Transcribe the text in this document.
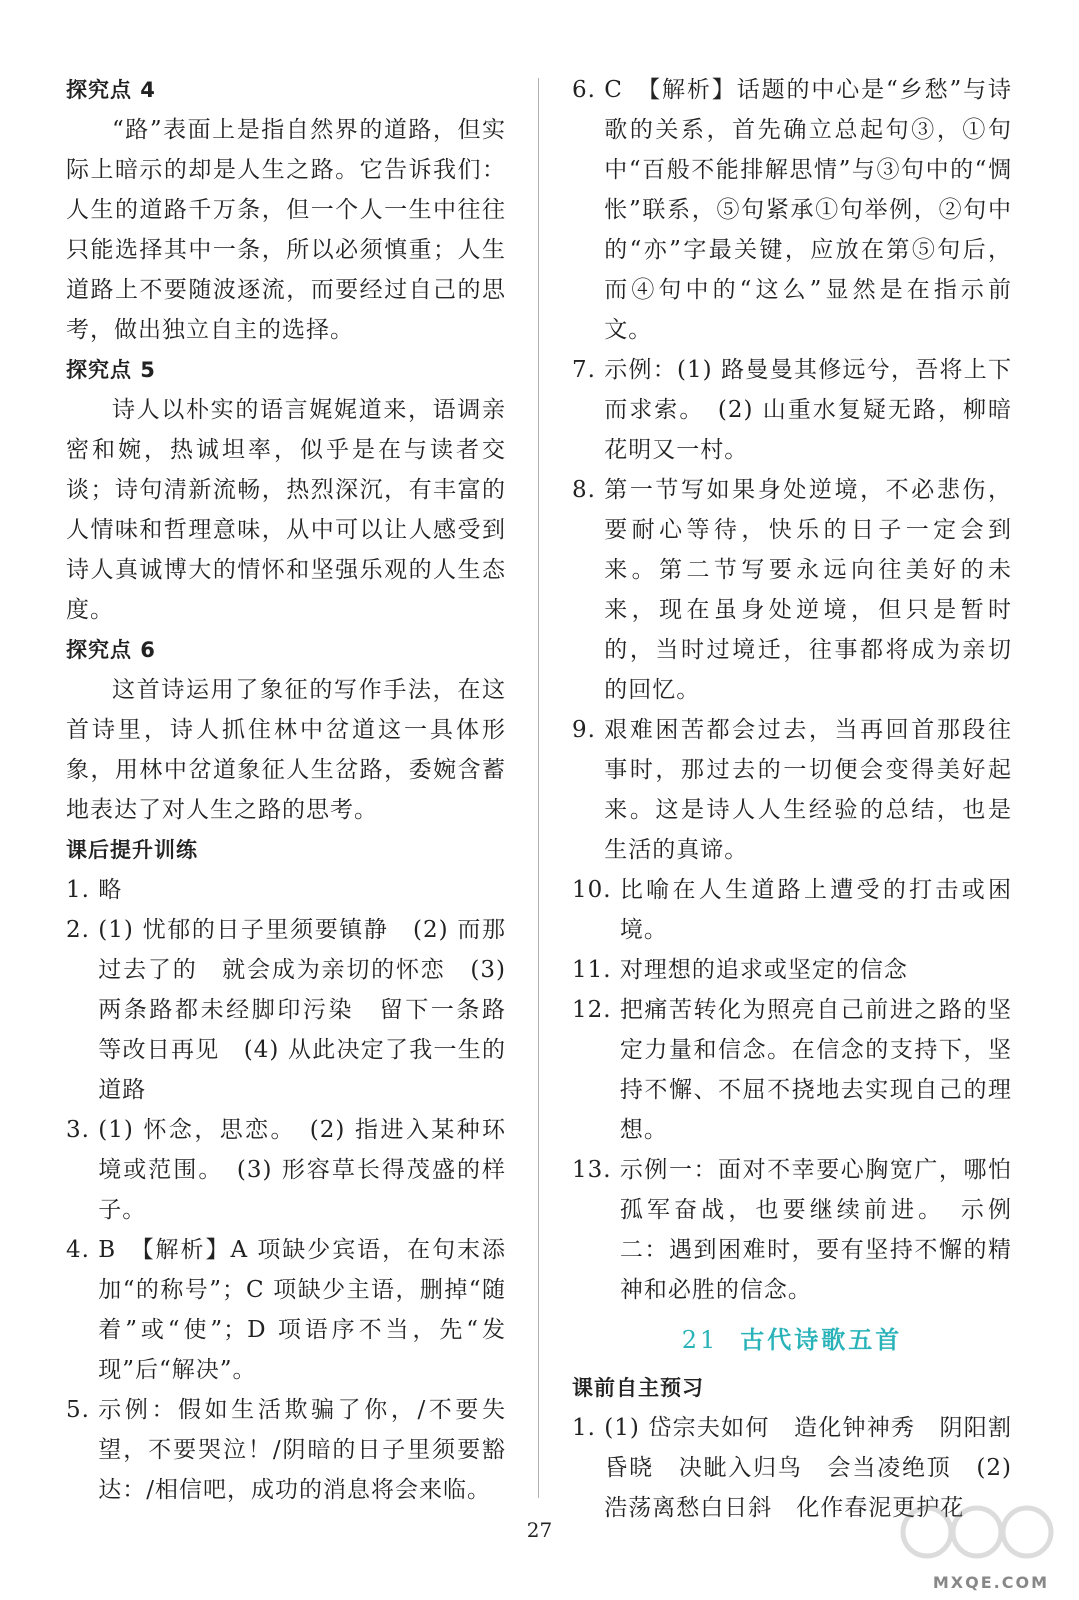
探究点 4
“路”表面上是指自然界的道路，但实际上暗示的却是人生之路。它告诉我们：人生的道路千万条，但一个人一生中往往只能选择其中一条，所以必须慎重；人生道路上不要随波逐流，而要经过自己的思考，做出独立自主的选择。
探究点 5
诗人以朴实的语言娓娓道来，语调亲密和婉，热诚坦率，似乎是在与读者交谈；诗句清新流畅，热烈深沉，有丰富的人情味和哲理意味，从中可以让人感受到诗人真诚博大的情怀和坚强乐观的人生态度。
探究点 6
这首诗运用了象征的写作手法，在这首诗里，诗人抓住林中岔道这一具体形象，用林中岔道象征人生岔路，委婉含蓄地表达了对人生之路的思考。
课后提升训练
1. 略
2. (1) 忧郁的日子里须要镇静　(2) 而那过去了的　就会成为亲切的怀恋　(3) 两条路都未经脚印污染　留下一条路等改日再见　(4) 从此决定了我一生的道路
3. (1) 怀念，思恋。　(2) 指进入某种环境或范围。　(3) 形容草长得茂盛的样子。
4. B　【解析】A 项缺少宾语，在句末添加“的称号”；C 项缺少主语，删掉“随着”或“使”；D 项语序不当，先“发现”后“解决”。
5. 示例：假如生活欺骗了你，/不要失望，不要哭泣！/阴暗的日子里须要豁达：/相信吧，成功的消息将会来临。
6. C　【解析】话题的中心是“乡愁”与诗歌的关系，首先确立总起句③，①句中“百般不能排解思情”与③句中的“惆怅”联系，⑤句紧承①句举例，②句中的“亦”字最关键，应放在第⑤句后，而④句中的“这么”显然是在指示前文。
7. 示例：(1) 路曼曼其修远兮，吾将上下而求索。　(2) 山重水复疑无路，柳暗花明又一村。
8. 第一节写如果身处逆境，不必悲伤，要耐心等待，快乐的日子一定会到来。第二节写要永远向往美好的未来，现在虽身处逆境，但只是暂时的，当时过境迁，往事都将成为亲切的回忆。
9. 艰难困苦都会过去，当再回首那段往事时，那过去的一切便会变得美好起来。这是诗人人生经验的总结，也是生活的真谛。
10. 比喻在人生道路上遭受的打击或困境。
11. 对理想的追求或坚定的信念
12. 把痛苦转化为照亮自己前进之路的坚定力量和信念。在信念的支持下，坚持不懈、不屈不挠地去实现自己的理想。
13. 示例一：面对不幸要心胸宽广，哪怕孤军奋战，也要继续前进。　示例二：遇到困难时，要有坚持不懈的精神和必胜的信念。
21 古代诗歌五首
课前自主预习
1. (1) 岱宗夫如何　造化钟神秀　阴阳割昏晓　决眦入归鸟　会当凌绝顶　(2) 浩荡离愁白日斜　化作春泥更护花
27
MXQE.COM
